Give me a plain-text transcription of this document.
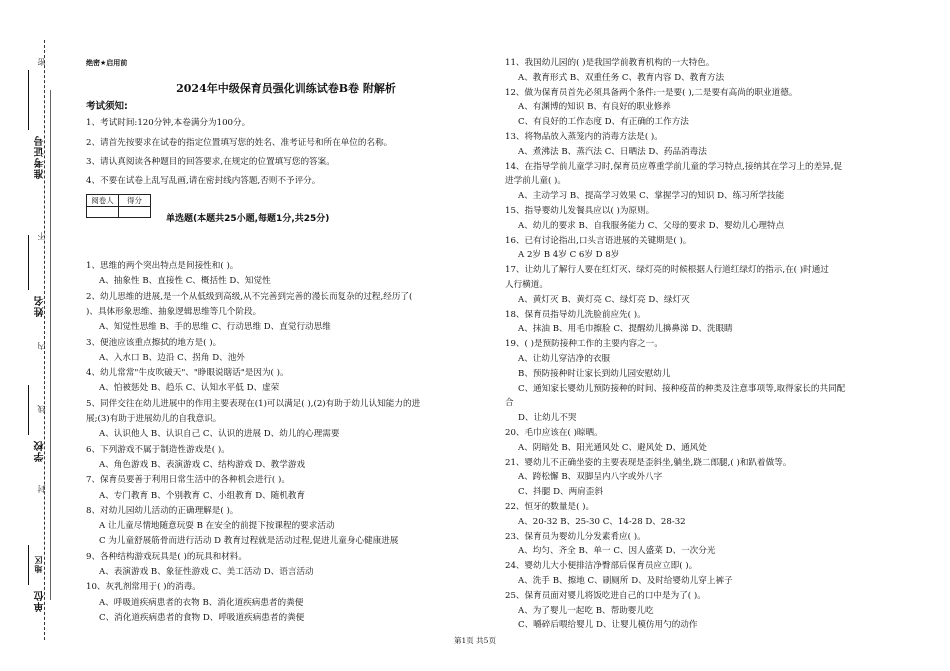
密
不
内
线
封
准考证号
姓名
学校
单位
地区
绝密★启用前
2024年中级保育员强化训练试卷B卷 附解析
考试须知:
1、考试时间:120分钟,本卷满分为100分。
2、请首先按要求在试卷的指定位置填写您的姓名、准考证号和所在单位的名称。
3、请认真阅读各种题目的回答要求,在规定的位置填写您的答案。
4、不要在试卷上乱写乱画,请在密封线内答题,否则不予评分。
阅卷人	得分

单选题(本题共25小题,每题1分,共25分)
1、思维的两个突出特点是间接性和( )。
A、抽象性 B、直接性 C、概括性 D、知觉性
2、幼儿思维的进展,是一个从低级到高级,从不完善到完善的漫长而复杂的过程,经历了(
)、具体形象思维、抽象逻辑思维等几个阶段。
A、知觉性思维 B、手的思维 C、行动思维 D、直觉行动思维
3、便池应该重点擦拭的地方是( )。
A、入水口 B、边沿 C、拐角 D、池外
4、幼儿常常"牛皮吹破天"、"睁眼说瞎话"是因为( )。
A、怕被惩处 B、趋乐 C、认知水平低 D、虚荣
5、同伴交往在幼儿进展中的作用主要表现在(1)可以满足( ),(2)有助于幼儿认知能力的进
展;(3)有助于进展幼儿的自我意识。
A、认识他人 B、认识自己 C、认识的进展 D、幼儿的心理需要
6、下列游戏不属于制造性游戏是( )。
A、角色游戏 B、表演游戏 C、结构游戏 D、教学游戏
7、保育员要善于利用日常生活中的各种机会进行( )。
A、专门教育 B、个别教育 C、小组教育 D、随机教育
8、对幼儿园幼儿活动的正确理解是( )。
A 让儿童尽情地随意玩耍 B 在安全的前提下按课程的要求活动
C 为儿童舒展筋骨而进行活动 D 教育过程就是活动过程,促进儿童身心健康进展
9、各种结构游戏玩具是( )的玩具和材料。
A、表演游戏 B、象征性游戏 C、美工活动 D、语言活动
10、灰乳剂常用于( )的消毒。
A、呼吸道疾病患者的衣物 B、消化道疾病患者的粪便
C、消化道疾病患者的食物 D、呼吸道疾病患者的粪便
11、我国幼儿园的( )是我国学前教育机构的一大特色。
A、教育形式 B、双重任务 C、教育内容 D、教育方法
12、做为保育员首先必须具备两个条件:一是要( ),二是要有高尚的职业道德。
A、有渊博的知识 B、有良好的职业修养
C、有良好的工作态度 D、有正确的工作方法
13、将物品放入蒸笼内的消毒方法是( )。
A、煮沸法 B、蒸汽法 C、日晒法 D、药品消毒法
14、在指导学前儿童学习时,保育员应尊重学前儿童的学习特点,接纳其在学习上的差异,促
进学前儿童( )。
A、主动学习 B、提高学习效果 C、掌握学习的知识 D、练习所学技能
15、指导婴幼儿发餐具应以( )为原则。
A、幼儿的要求 B、自我服务能力 C、父母的要求 D、婴幼儿心理特点
16、已有讨论指出,口头言语进展的关键期是( )。
A 2岁 B 4岁 C 6岁 D 8岁
17、让幼儿了解行人要在红灯灭、绿灯亮的时候根据人行道红绿灯的指示,在( )时通过
人行横道。
A、黄灯灭 B、黄灯亮 C、绿灯亮 D、绿灯灭
18、保育员指导幼儿洗脸前应先( )。
A、抹油 B、用毛巾擦脸 C、提醒幼儿擤鼻涕 D、洗眼睛
19、( )是预防接种工作的主要内容之一。
A、让幼儿穿洁净的衣服
B、预防接种时让家长到幼儿园安慰幼儿
C、通知家长婴幼儿预防接种的时间、接种疫苗的种类及注意事项等,取得家长的共同配
合
D、让幼儿不哭
20、毛巾应该在( )晾晒。
A、阴暗处 B、阳光通风处 C、避风处 D、通风处
21、婴幼儿不正确坐姿的主要表现是歪斜坐,躺坐,跷二郎腿,( )和趴着做等。
A、跨松懈 B、双脚呈内八字或外八字
C、抖腿 D、两肩歪斜
22、恒牙的数量是( )。
A、20-32 B、25-30 C、14-28 D、28-32
23、保育员为婴幼儿分发素肴应( )。
A、均匀、齐全 B、单一 C、因人盛菜 D、一次分光
24、婴幼儿大小便排洁净臀部后保育员应立即( )。
A、洗手 B、擦地 C、刷厕所 D、及时给婴幼儿穿上裤子
25、保育员面对婴儿将饭吃进自己的口中是为了( )。
A、为了婴儿一起吃 B、帮助婴儿吃
C、嚼碎后喂给婴儿 D、让婴儿模仿用勺的动作
第1页 共5页
